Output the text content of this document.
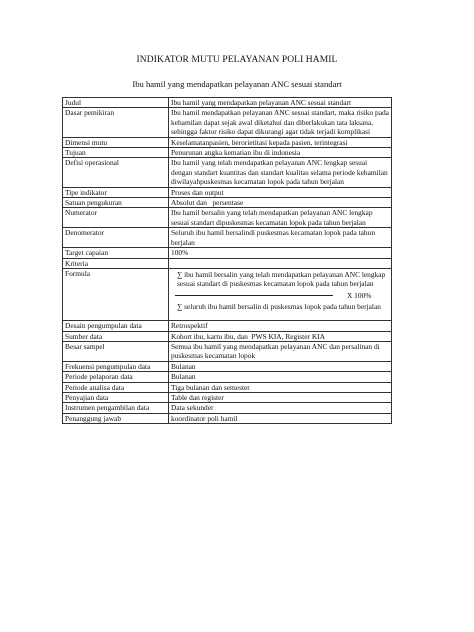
INDIKATOR MUTU PELAYANAN POLI HAMIL
Ibu hamil yang mendapatkan pelayanan ANC sesuai standart
Judul	Ibu hamil yang mendapatkan pelayanan ANC sesuai standart
Dasar pemikiran	Ibu hamil mendapatkan pelayanan ANC sesuai standart, maka risiko pada kehamilan dapat sejak awal diketahui dan diberlakukan tata laksana, sehingga faktor risiko dapat dikurangi agar tidak terjadi komplikasi
Dimensi mutu	Keselamatanpasien, berorietitasi kepada pasien, terintegrasi
Tujuan	Penurunan angka kematian ibu di indonesia
Defisi operasional	Ibu hamil yang telah mendapatkan pelayanan ANC lengkap sesuai dengan standart kuantitas dan standart kualitas selama periode kehamilan diwilayahpuskesmas kecamatan lopok pada tahun berjalan
Tipe indikator	Proses dan output
Satuan pengukuran	Absolut dan   persentase
Numerator	Ibu hamil bersalin yang telah mendapatkan pelayanan ANC lengkap sesuai standart dipuskesmas kecamatan lopok pada tahun berjalan
Denomerator	Seluruh ibu hamil bersalindi puskesmas kecamatan lopok pada tahun berjalan
Target capaian	100%
Kriteria	
Formula	∑ ibu hamil bersalin yang telah mendapatkan pelayanan ANC lengkap sesuai standart di puskesmas kecamatan lopok pada tahun berjalan
X 100%
∑ seluruh ibu hamil bersalin di puskesmas lopok pada tahun berjalan

Desain pengumpulan data	Retrospektif
Sumber data	Kohort ibu, kartu ibu, dan  PWS KIA, Register KIA
Besar sampel	Semua ibu hamil yang mendapatkan pelayanan ANC dan persalinan di puskesmas kecamatan lopok
Frekuensi pengumpulan data	Bulanan
Periode pelaporan data	Bulanan
Periode analisa data	Tiga bulanan dan semester
Penyajian data	Table dan register
Instrumen pengambilan data	Data sekunder
Penanggung jawab	koordinator poli hamil
